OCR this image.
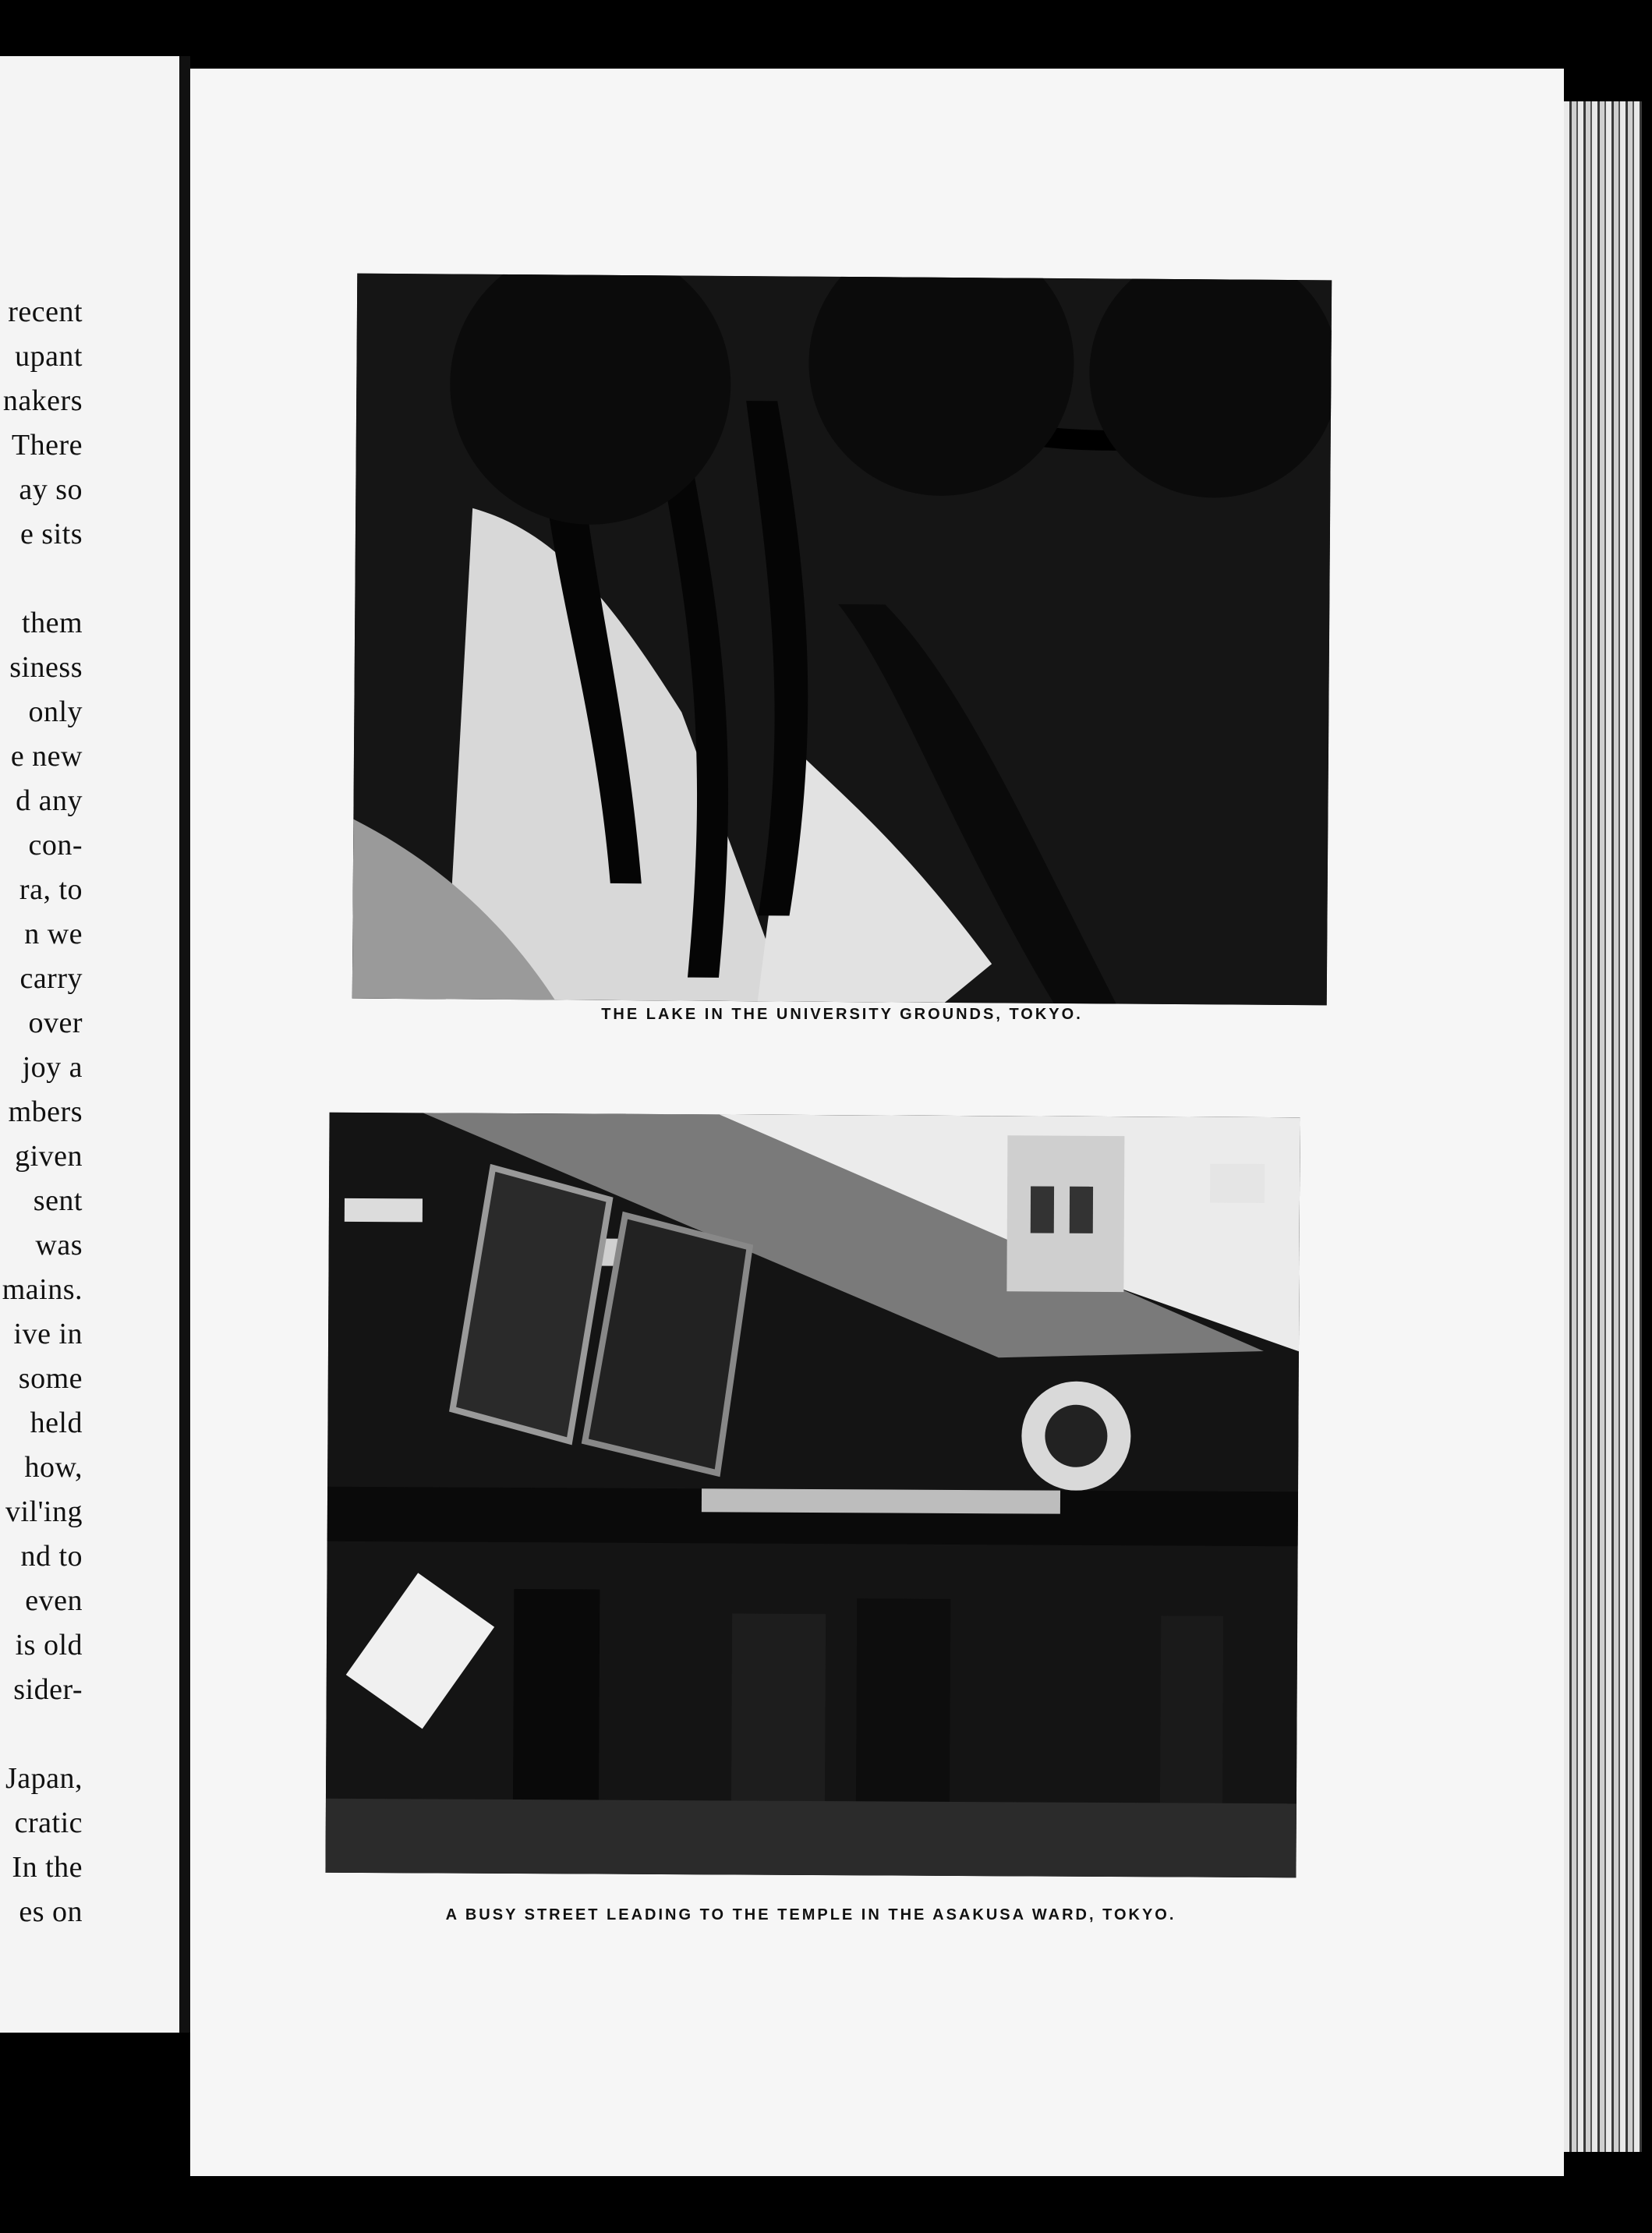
recent
upant
nakers
There
ay so
e sits
them
siness
only
e new
d any
con-
ra, to
n we
carry
over
joy a
mbers
given
sent
was
mains.
ive in
some
held
how,
vil'ing
nd to
even
is old
sider-
Japan,
cratic
In the
es on
THE LAKE IN THE UNIVERSITY GROUNDS, TOKYO.
A BUSY STREET LEADING TO THE TEMPLE IN THE ASAKUSA WARD, TOKYO.
